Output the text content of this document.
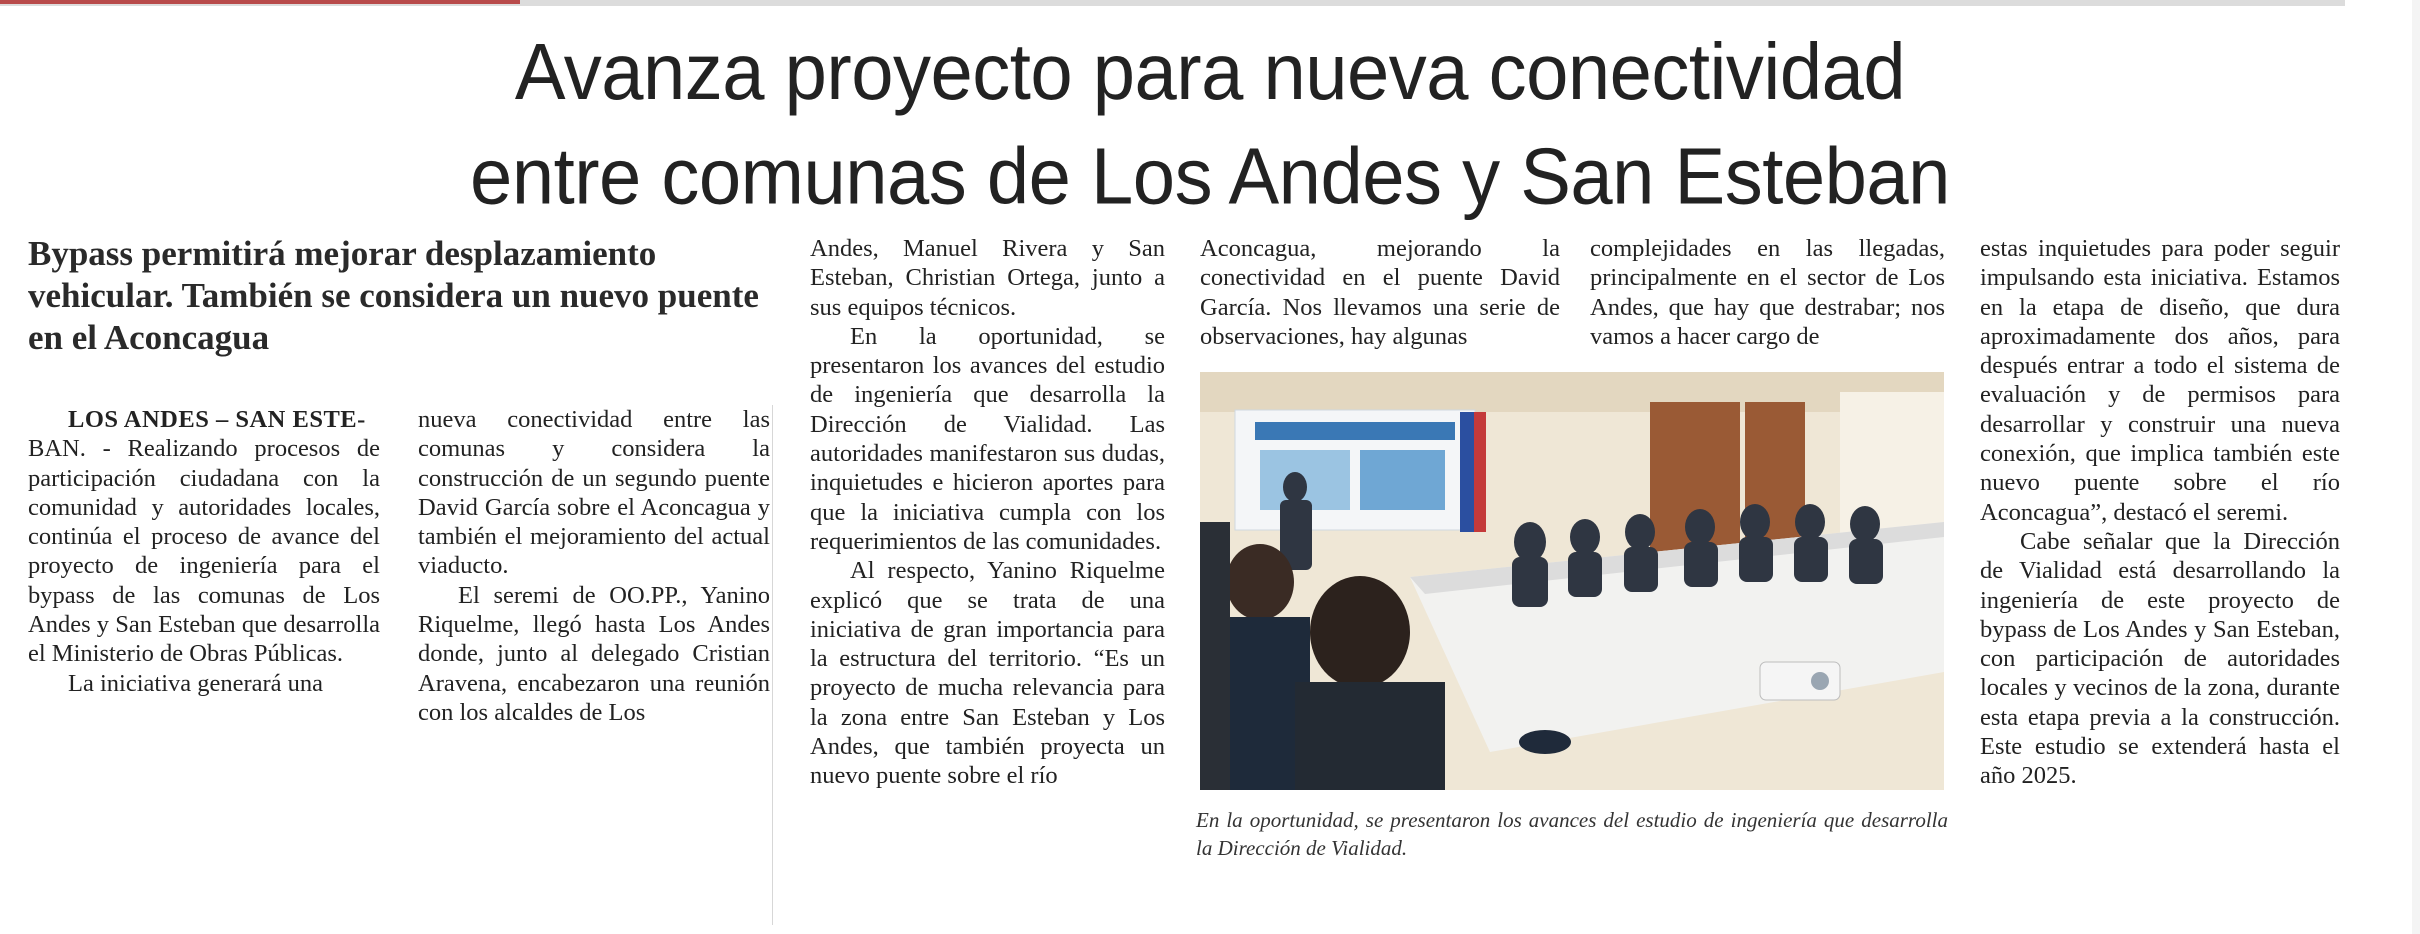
Avanza proyecto para nueva conectividad
entre comunas de Los Andes y San Esteban
Bypass permitirá mejorar desplazamiento vehicular. También se considera un nuevo puente en el Aconcagua

LOS ANDES – SAN ESTE-

BAN. - Realizando procesos de participación ciudadana con la comunidad y autoridades locales, continúa el proceso de avance del proyecto de ingeniería para el bypass de las comunas de Los Andes y San Esteban que desarrolla el Ministerio de Obras Públicas.

La iniciativa generará una

nueva conectividad entre las comunas y considera la construcción de un segundo puente David García sobre el Aconcagua y también el mejoramiento del actual viaducto.

El seremi de OO.PP., Yanino Riquelme, llegó hasta Los Andes donde, junto al delegado Cristian Aravena, encabezaron una reunión con los alcaldes de Los

Andes, Manuel Rivera y San Esteban, Christian Ortega, junto a sus equipos técnicos.

En la oportunidad, se presentaron los avances del estudio de ingeniería que desarrolla la Dirección de Vialidad. Las autoridades manifestaron sus dudas, inquietudes e hicieron aportes para que la iniciativa cumpla con los requerimientos de las comunidades.

Al respecto, Yanino Riquelme explicó que se trata de una iniciativa de gran importancia para la estructura del territorio. “Es un proyecto de mucha relevancia para la zona entre San Esteban y Los Andes, que también proyecta un nuevo puente sobre el río

Aconcagua, mejorando la conectividad en el puente David García. Nos llevamos una serie de observaciones, hay algunas

complejidades en las llegadas, principalmente en el sector de Los Andes, que hay que destrabar; nos vamos a hacer cargo de

estas inquietudes para poder seguir impulsando esta iniciativa. Estamos en la etapa de diseño, que dura aproximadamente dos años, para después entrar a todo el sistema de evaluación y de permisos para desarrollar y construir una nueva conexión, que implica también este nuevo puente sobre el río Aconcagua”, destacó el seremi.

Cabe señalar que la Dirección de Vialidad está desarrollando la ingeniería de este proyecto de bypass de Los Andes y San Esteban, con participación de autoridades locales y vecinos de la zona, durante esta etapa previa a la construcción. Este estudio se extenderá hasta el año 2025.

En la oportunidad, se presentaron los avances del estudio de ingeniería que desarrolla la Dirección de Vialidad.
